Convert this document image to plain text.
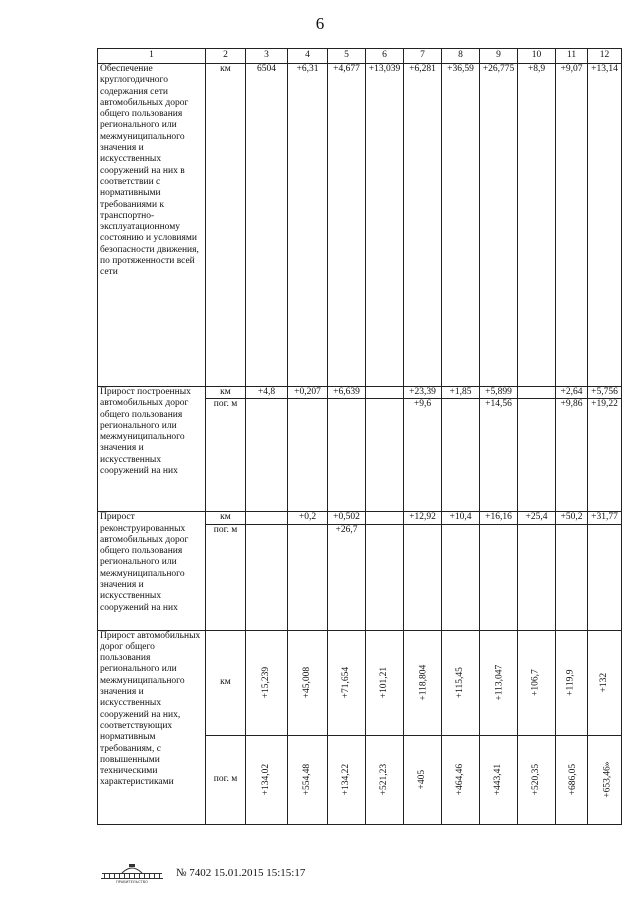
6
1	2	3	4	5	6	7	8	9	10	11	12
Обеспечение круглогодичного содержания сети автомобильных дорог общего пользования регионального или межмуниципального значения и искусственных сооружений на них в соответствии с нормативными требованиями к транспортно-эксплуатационному состоянию и условиями безопасности движения, по протяженности всей сети	км	6504	+6,31	+4,677	+13,039	+6,281	+36,59	+26,775	+8,9	+9,07	+13,14
Прирост построенных автомобильных дорог общего пользования регионального или межмуниципального значения и искусственных сооружений на них	км	+4,8	+0,207	+6,639		+23,39	+1,85	+5,899		+2,64	+5,756
	пог. м					+9,6		+14,56		+9,86	+19,22
Прирост реконструированных автомобильных дорог общего пользования регионального или межмуниципального значения и искусственных сооружений на них	км		+0,2	+0,502		+12,92	+10,4	+16,16	+25,4	+50,2	+31,77
	пог. м			+26,7							
Прирост автомобильных дорог общего пользования регионального или межмуниципального значения и искусственных сооружений на них, соответствующих нормативным требованиям, с повышенными техническими характеристиками	км	+15,239	+45,008	+71,654	+101,21	+118,804	+115,45	+113,047	+106,7	+119,9	+132
	пог. м	+134,02	+554,48	+134,22	+521,23	+405	+464,46	+443,41	+520,35	+686,05	+653,46»
ПРАВИТЕЛЬСТВО
№ 7402 15.01.2015 15:15:17
